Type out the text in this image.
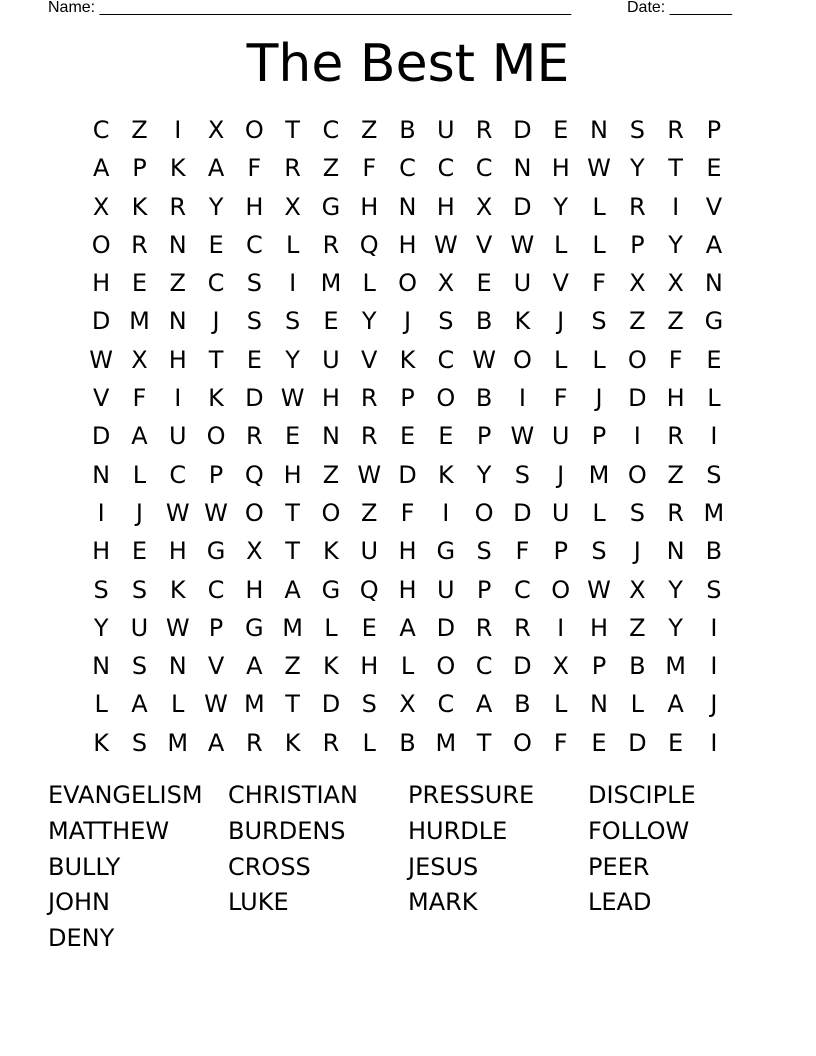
Name: _____________________________________________________	Date: _______
The Best ME
C Z	I	X O T C Z B U R D E N S R P
A P K A F R Z F C C C N H W Y T E
X K R Y H X G H N H X D Y	L R	I	V
O R N E C L R Q H W V W L	L	P Y A
H E Z C S	I	M L O X E U V F X X N
D M N	J	S S E Y	J	S B K	J	S Z Z G
W X H T E Y U V K C W O L	L O F E
V F	I	K D W H R P O B	I	F	J	D H L
D A U O R E N R E E P W U P	I	R	I
N L C P Q H Z W D K Y S	J	M O Z S
I	J W W O T O Z F	I	O D U L	S R M
H E H G X T K U H G S F	P S	J	N B
S S K C H A G Q H U P C O W X Y S
Y U W P G M L	E A D R R	I	H Z Y	I
N S N V A Z K H L O C D X P B M	I
L A L W M T D S X C A B L N L A	J
K S M A R K R L B M T O F E D E	I
EVANGELISM	CHRISTIAN	PRESSURE	DISCIPLE
MATTHEW	BURDENS	HURDLE	FOLLOW
BULLY	CROSS	JESUS	PEER
JOHN	LUKE	MARK	LEAD
DENY
